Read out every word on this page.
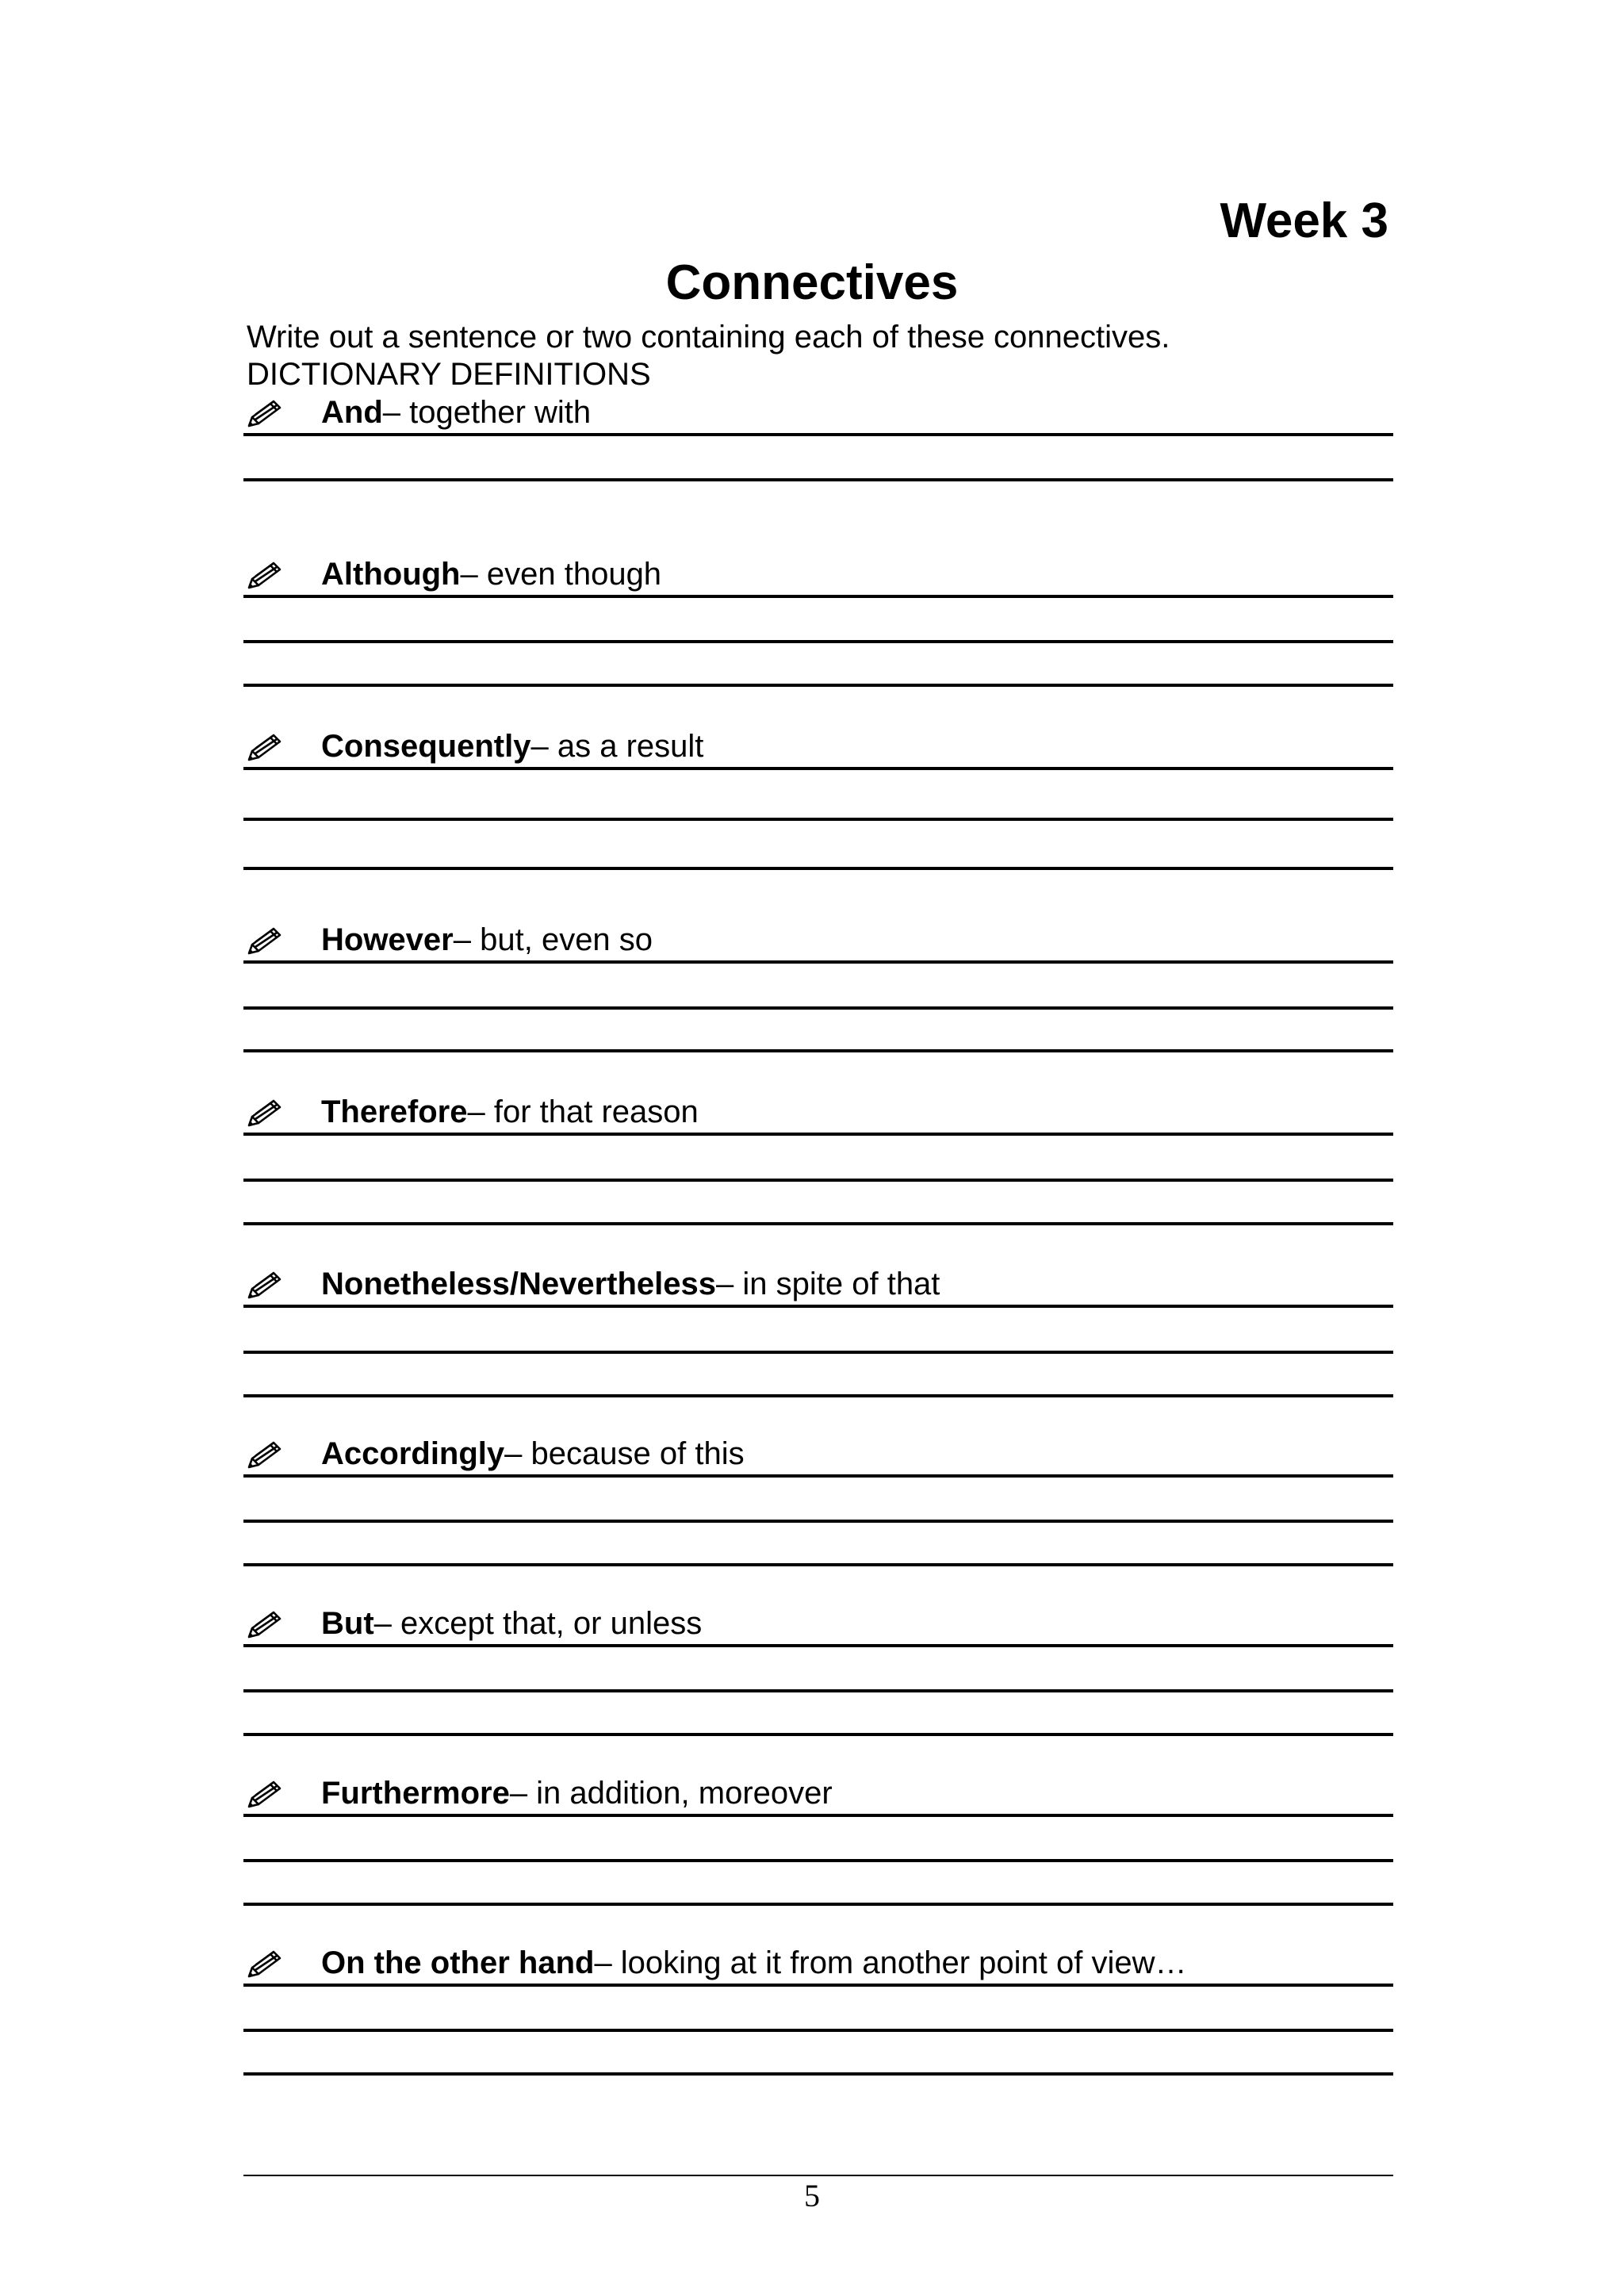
Week 3
Connectives

Write out a sentence or two containing each of these connectives.

DICTIONARY DEFINITIONS

And – together with
Although – even though
Consequently – as a result
However – but, even so
Therefore – for that reason
Nonetheless/Nevertheless – in spite of that
Accordingly – because of this
But – except that, or unless
Furthermore – in addition, moreover
On the other hand – looking at it from another point of view…

5
